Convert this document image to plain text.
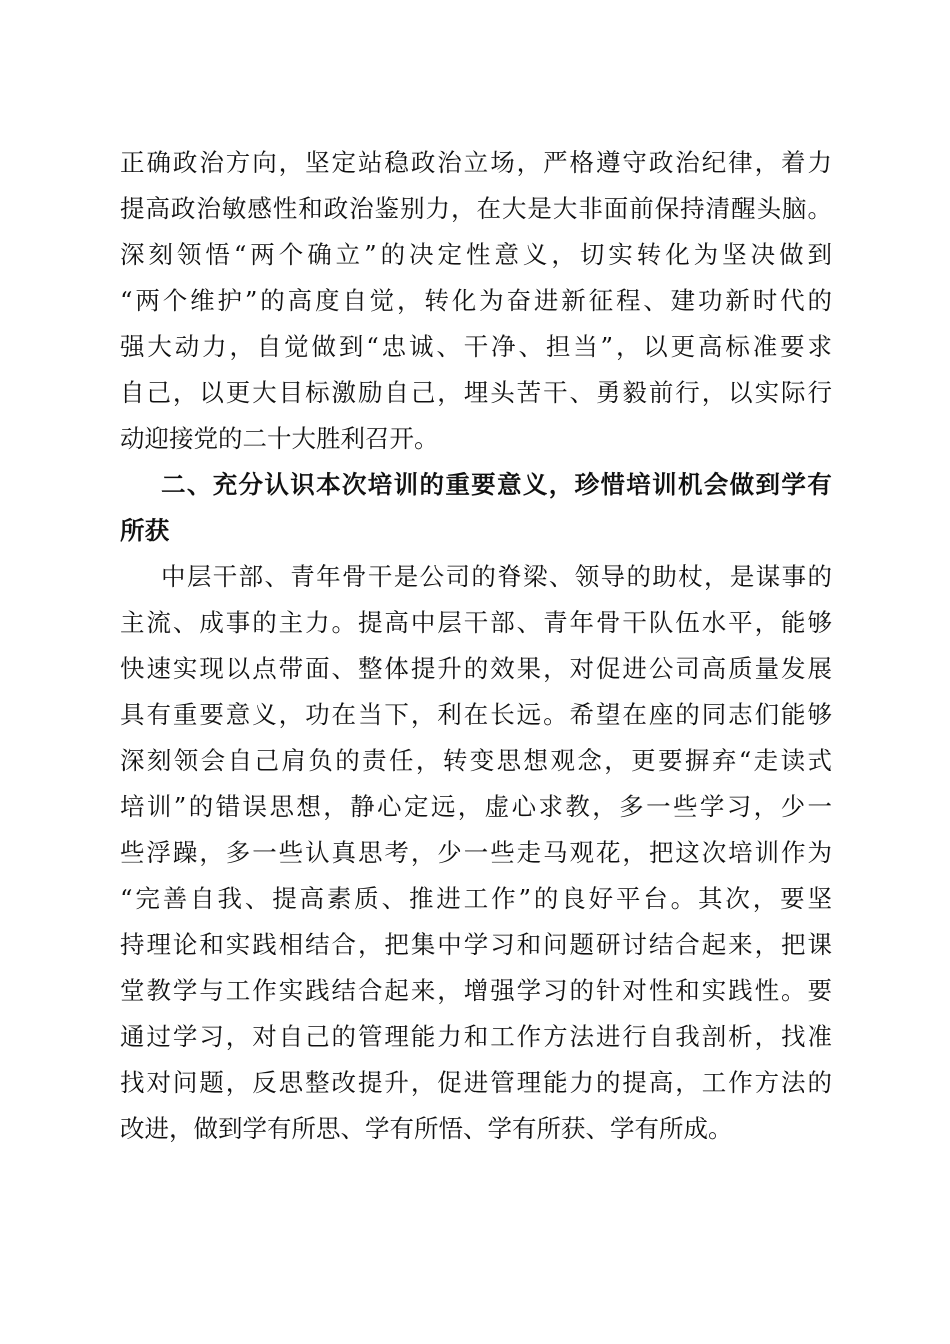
正确政治方向，坚定站稳政治立场，严格遵守政治纪律，着力
提高政治敏感性和政治鉴别力，在大是大非面前保持清醒头脑。
深刻领悟“两个确立”的决定性意义，切实转化为坚决做到
“两个维护”的高度自觉，转化为奋进新征程、建功新时代的
强大动力，自觉做到“忠诚、干净、担当”，以更高标准要求
自己，以更大目标激励自己，埋头苦干、勇毅前行，以实际行
动迎接党的二十大胜利召开。
二、充分认识本次培训的重要意义，珍惜培训机会做到学有
所获
中层干部、青年骨干是公司的脊梁、领导的助杖，是谋事的
主流、成事的主力。提高中层干部、青年骨干队伍水平，能够
快速实现以点带面、整体提升的效果，对促进公司高质量发展
具有重要意义，功在当下，利在长远。希望在座的同志们能够
深刻领会自己肩负的责任，转变思想观念，更要摒弃“走读式
培训”的错误思想，静心定远，虚心求教，多一些学习，少一
些浮躁，多一些认真思考，少一些走马观花，把这次培训作为
“完善自我、提高素质、推进工作”的良好平台。其次，要坚
持理论和实践相结合，把集中学习和问题研讨结合起来，把课
堂教学与工作实践结合起来，增强学习的针对性和实践性。要
通过学习，对自己的管理能力和工作方法进行自我剖析，找准
找对问题，反思整改提升，促进管理能力的提高，工作方法的
改进，做到学有所思、学有所悟、学有所获、学有所成。
